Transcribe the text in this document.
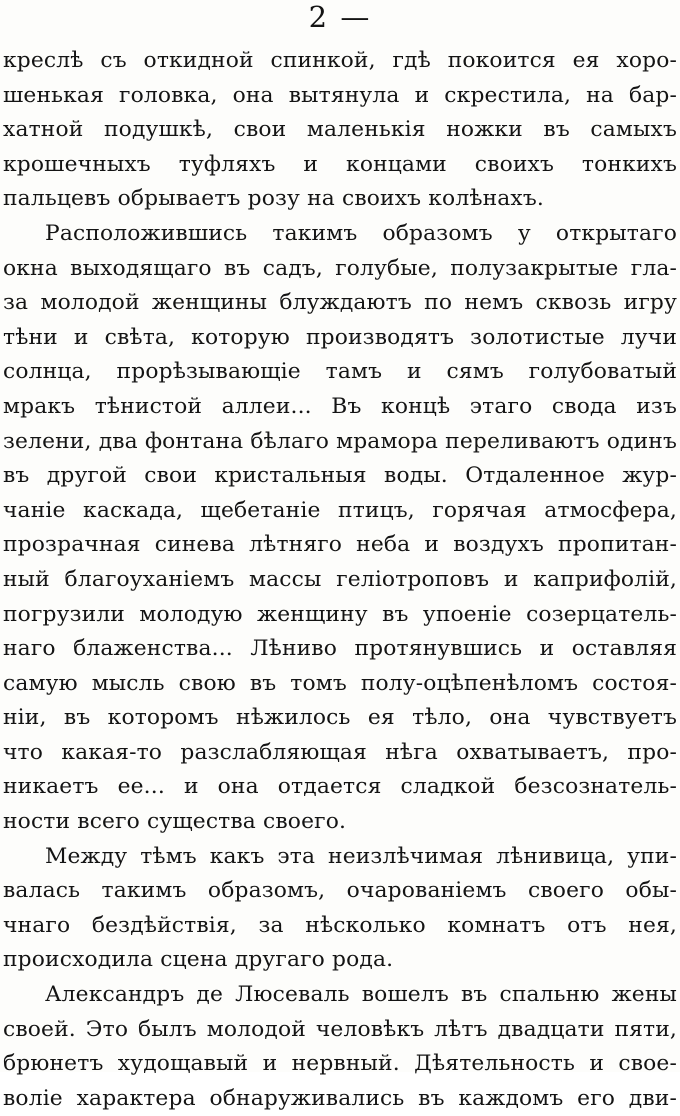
2 —
креслѣ съ откидной спинкой, гдѣ покоится ея хоро-
шенькая головка, она вытянула и скрестила, на бар-
хатной подушкѣ, свои маленькія ножки въ самыхъ
крошечныхъ туфляхъ и концами своихъ тонкихъ
пальцевъ обрываетъ розу на своихъ колѣнахъ.
Расположившись такимъ образомъ у открытаго
окна выходящаго въ садъ, голубые, полузакрытые гла-
за молодой женщины блуждаютъ по немъ сквозь игру
тѣни и свѣта, которую производятъ золотистые лучи
солнца, прорѣзывающіе тамъ и сямъ голубоватый
мракъ тѣнистой аллеи... Въ концѣ этаго свода изъ
зелени, два фонтана бѣлаго мрамора переливаютъ одинъ
въ другой свои кристальныя воды. Отдаленное жур-
чаніе каскада, щебетаніе птицъ, горячая атмосфера,
прозрачная синева лѣтняго неба и воздухъ пропитан-
ный благоуханіемъ массы геліотроповъ и каприфолій,
погрузили молодую женщину въ упоеніе созерцатель-
наго блаженства... Лѣниво протянувшись и оставляя
самую мысль свою въ томъ полу-оцѣпенѣломъ состоя-
ніи, въ которомъ нѣжилось ея тѣло, она чувствуетъ
что какая-то разслабляющая нѣга охватываетъ, про-
никаетъ ее... и она отдается сладкой безсознатель-
ности всего существа своего.
Между тѣмъ какъ эта неизлѣчимая лѣнивица, упи-
валась такимъ образомъ, очарованіемъ своего обы-
чнаго бездѣйствія, за нѣсколько комнатъ отъ нея,
происходила сцена другаго рода.
Александръ де Люсеваль вошелъ въ спальню жены
своей. Это былъ молодой человѣкъ лѣтъ двадцати пяти,
брюнетъ худощавый и нервный. Дѣятельность и свое-
воліе характера обнаруживались въ каждомъ его дви-
